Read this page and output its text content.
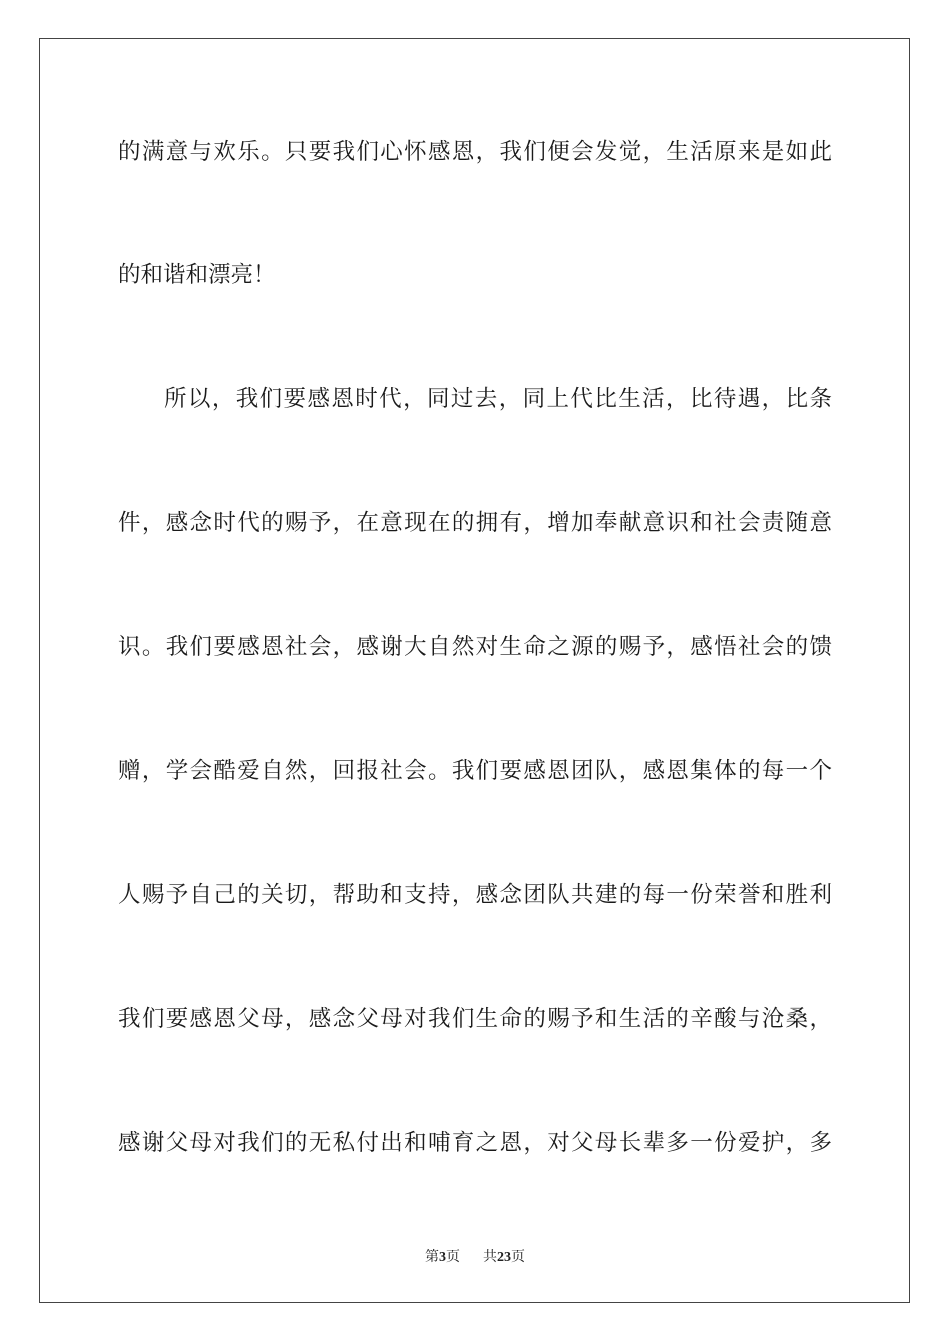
的满意与欢乐。只要我们心怀感恩，我们便会发觉，生活原来是如此
的和谐和漂亮！
所以，我们要感恩时代，同过去，同上代比生活，比待遇，比条
件，感念时代的赐予，在意现在的拥有，增加奉献意识和社会责随意
识。我们要感恩社会，感谢大自然对生命之源的赐予，感悟社会的馈
赠，学会酷爱自然，回报社会。我们要感恩团队，感恩集体的每一个
人赐予自己的关切，帮助和支持，感念团队共建的每一份荣誉和胜利
我们要感恩父母，感念父母对我们生命的赐予和生活的辛酸与沧桑，
感谢父母对我们的无私付出和哺育之恩，对父母长辈多一份爱护，多
第3页 共23页
